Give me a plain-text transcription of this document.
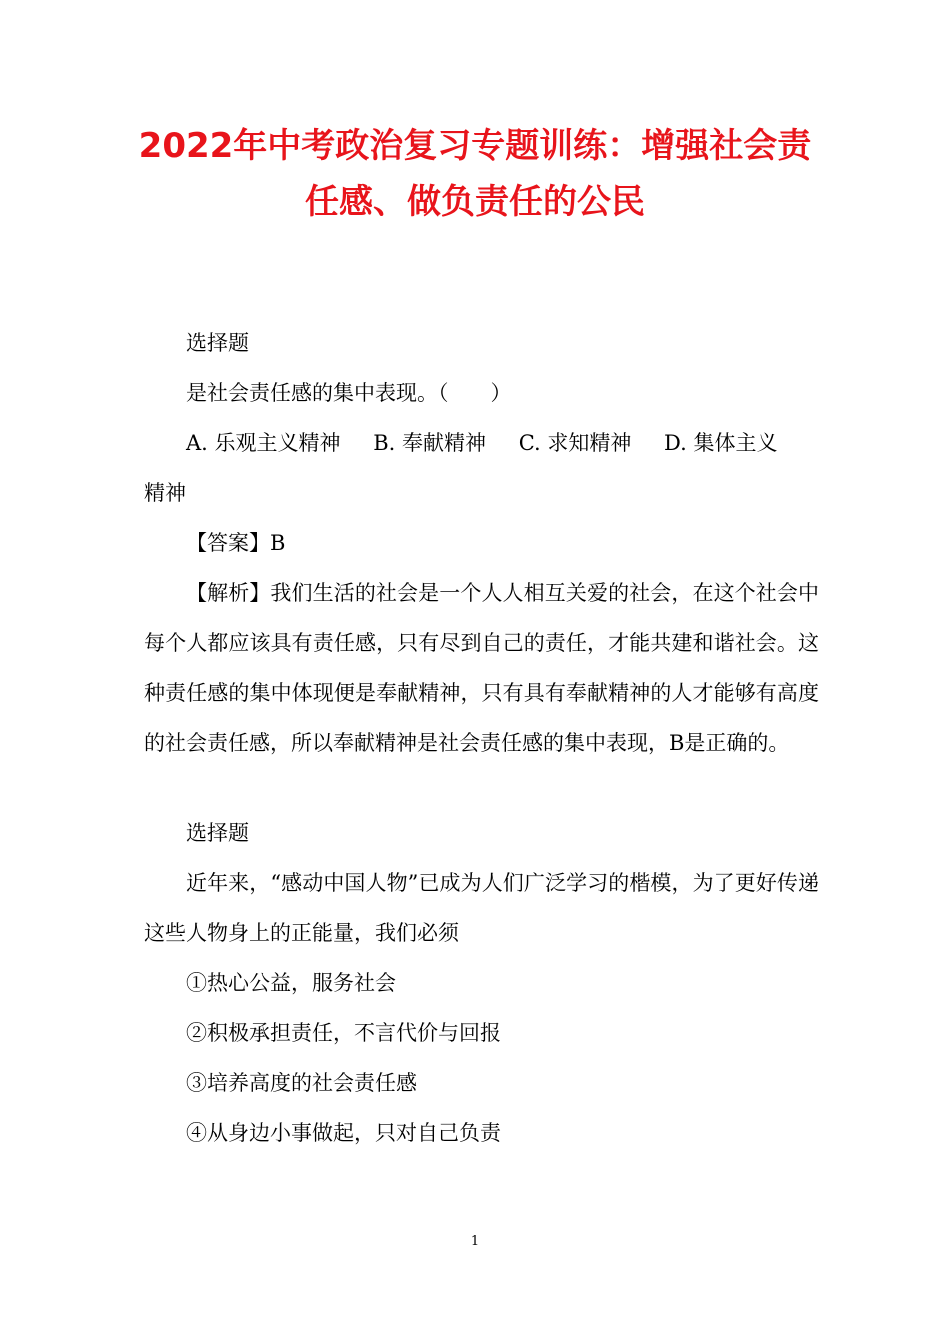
2022年中考政治复习专题训练：增强社会责
任感、做负责任的公民

选择题

是社会责任感的集中表现。（　　）

A. 乐观主义精神 B. 奉献精神 C. 求知精神 D. 集体主义

精神

【答案】B

【解析】我们生活的社会是一个人人相互关爱的社会，在这个社会中每个人都应该具有责任感，只有尽到自己的责任，才能共建和谐社会。这种责任感的集中体现便是奉献精神，只有具有奉献精神的人才能够有高度的社会责任感，所以奉献精神是社会责任感的集中表现，B是正确的。

选择题

近年来，“感动中国人物”已成为人们广泛学习的楷模，为了更好传递这些人物身上的正能量，我们必须

①热心公益，服务社会

②积极承担责任，不言代价与回报

③培养高度的社会责任感

④从身边小事做起，只对自己负责

1
